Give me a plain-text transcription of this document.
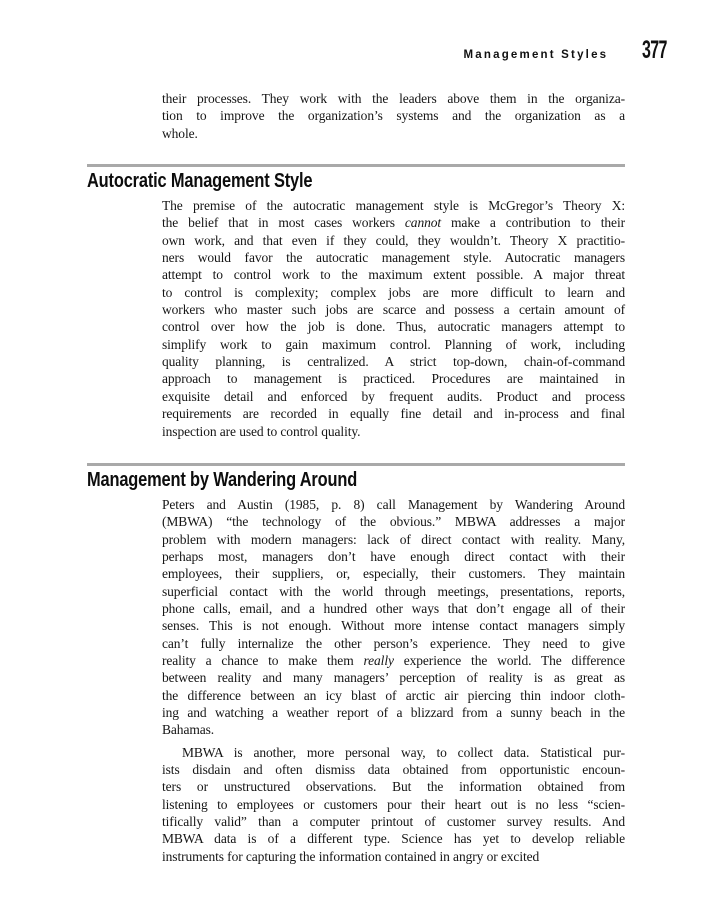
Management Styles 377
their processes. They work with the leaders above them in the organiza-
tion to improve the organization’s systems and the organization as a
whole.
Autocratic Management Style
The premise of the autocratic management style is McGregor’s Theory X:
the belief that in most cases workers cannot make a contribution to their
own work, and that even if they could, they wouldn’t. Theory X practitio-
ners would favor the autocratic management style. Autocratic managers
attempt to control work to the maximum extent possible. A major threat
to control is complexity; complex jobs are more difficult to learn and
workers who master such jobs are scarce and possess a certain amount of
control over how the job is done. Thus, autocratic managers attempt to
simplify work to gain maximum control. Planning of work, including
quality planning, is centralized. A strict top-down, chain-of-command
approach to management is practiced. Procedures are maintained in
exquisite detail and enforced by frequent audits. Product and process
requirements are recorded in equally fine detail and in-process and final
inspection are used to control quality.
Management by Wandering Around
Peters and Austin (1985, p. 8) call Management by Wandering Around
(MBWA) “the technology of the obvious.” MBWA addresses a major
problem with modern managers: lack of direct contact with reality. Many,
perhaps most, managers don’t have enough direct contact with their
employees, their suppliers, or, especially, their customers. They maintain
superficial contact with the world through meetings, presentations, reports,
phone calls, email, and a hundred other ways that don’t engage all of their
senses. This is not enough. Without more intense contact managers simply
can’t fully internalize the other person’s experience. They need to give
reality a chance to make them really experience the world. The difference
between reality and many managers’ perception of reality is as great as
the difference between an icy blast of arctic air piercing thin indoor cloth-
ing and watching a weather report of a blizzard from a sunny beach in the
Bahamas.
MBWA is another, more personal way, to collect data. Statistical pur-
ists disdain and often dismiss data obtained from opportunistic encoun-
ters or unstructured observations. But the information obtained from
listening to employees or customers pour their heart out is no less “scien-
tifically valid” than a computer printout of customer survey results. And
MBWA data is of a different type. Science has yet to develop reliable
instruments for capturing the information contained in angry or excited
